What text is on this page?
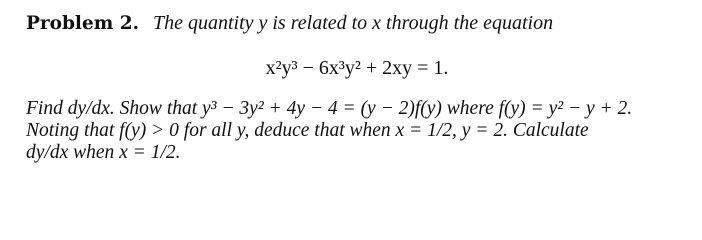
Problem 2. The quantity y is related to x through the equation
x²y³ − 6x³y² + 2xy = 1.
Find dy/dx. Show that y³ − 3y² + 4y − 4 = (y − 2)f(y) where f(y) = y² − y + 2.
Noting that f(y) > 0 for all y, deduce that when x = 1/2, y = 2. Calculate
dy/dx when x = 1/2.
